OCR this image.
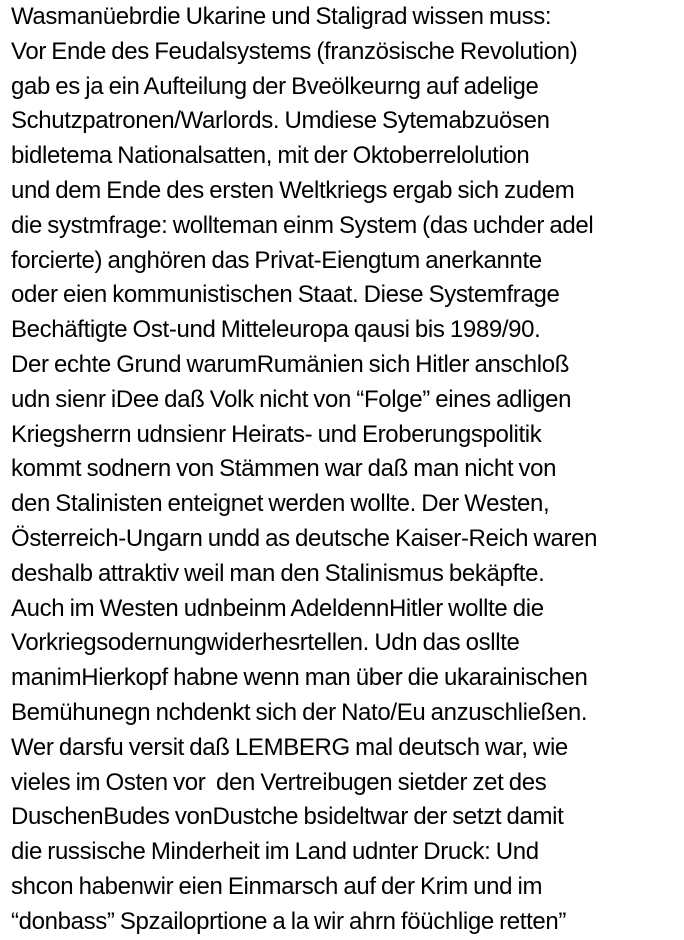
Wasmanüebrdie Ukarine und Staligrad wissen muss:
Vor Ende des Feudalsystems (französische Revolution)
gab es ja ein Aufteilung der Bveölkeurng auf adelige
Schutzpatronen/Warlords. Umdiese Sytemabzuösen
bidletema Nationalsatten, mit der Oktoberrelolution
und dem Ende des ersten Weltkriegs ergab sich zudem
die systmfrage: wollteman einm System (das uchder adel
forcierte) anghören das Privat-Eiengtum anerkannte
oder eien kommunistischen Staat. Diese Systemfrage
Bechäftigte Ost-und Mitteleuropa qausi bis 1989/90.
Der echte Grund warumRumänien sich Hitler anschloß
udn sienr iDee daß Volk nicht von “Folge” eines adligen
Kriegsherrn udnsienr Heirats- und Eroberungspolitik
kommt sodnern von Stämmen war daß man nicht von
den Stalinisten enteignet werden wollte. Der Westen,
Österreich-Ungarn undd as deutsche Kaiser-Reich waren
deshalb attraktiv weil man den Stalinismus bekäpfte.
Auch im Westen udnbeinm AdeldennHitler wollte die
Vorkriegsodernungwiderhesrtellen. Udn das osllte
manimHierkopf habne wenn man über die ukarainischen
Bemühunegn nchdenkt sich der Nato/Eu anzuschließen.
Wer darsfu versit daß LEMBERG mal deutsch war, wie
vieles im Osten vor  den Vertreibugen sietder zet des
DuschenBudes vonDustche bsideltwar der setzt damit
die russische Minderheit im Land udnter Druck: Und
shcon habenwir eien Einmarsch auf der Krim und im
“donbass” Spzailoprtione a la wir ahrn föüchlige retten”
